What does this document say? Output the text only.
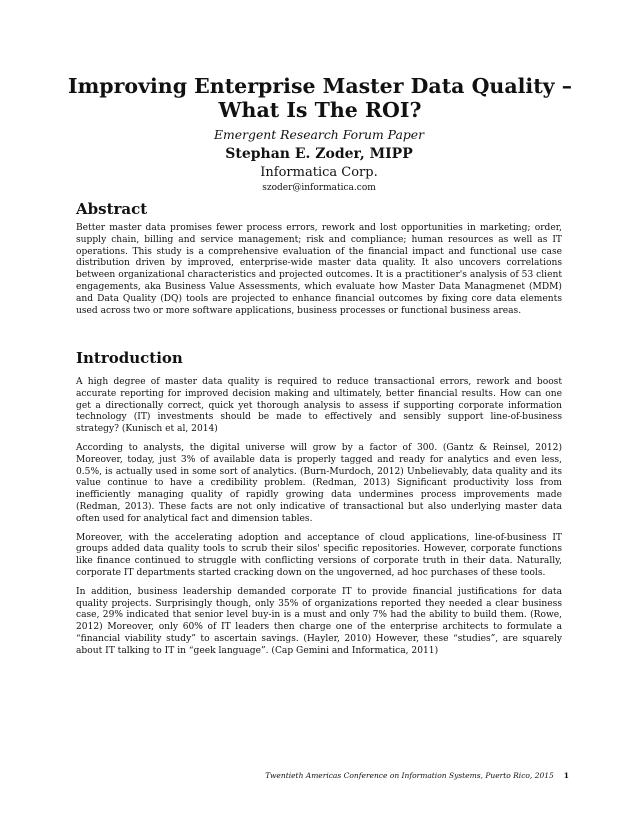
Improving Enterprise Master Data Quality –
What Is The ROI?
Emergent Research Forum Paper
Stephan E. Zoder, MIPP
Informatica Corp.
szoder@informatica.com
Abstract

Better master data promises fewer process errors, rework and lost opportunities in marketing; order, supply chain, billing and service management; risk and compliance; human resources as well as IT operations. This study is a comprehensive evaluation of the financial impact and functional use case distribution driven by improved, enterprise-wide master data quality. It also uncovers correlations between organizational characteristics and projected outcomes. It is a practitioner's analysis of 53 client engagements, aka Business Value Assessments, which evaluate how Master Data Managmenet (MDM) and Data Quality (DQ) tools are projected to enhance financial outcomes by fixing core data elements used across two or more software applications, business processes or functional business areas.

Introduction

A high degree of master data quality is required to reduce transactional errors, rework and boost accurate reporting for improved decision making and ultimately, better financial results. How can one get a directionally correct, quick yet thorough analysis to assess if supporting corporate information technology (IT) investments should be made to effectively and sensibly support line-of-business strategy? (Kunisch et al, 2014)

According to analysts, the digital universe will grow by a factor of 300. (Gantz & Reinsel, 2012) Moreover, today, just 3% of available data is properly tagged and ready for analytics and even less, 0.5%, is actually used in some sort of analytics. (Burn-Murdoch, 2012) Unbelievably, data quality and its value continue to have a credibility problem. (Redman, 2013) Significant productivity loss from inefficiently managing quality of rapidly growing data undermines process improvements made (Redman, 2013). These facts are not only indicative of transactional but also underlying master data often used for analytical fact and dimension tables.

Moreover, with the accelerating adoption and acceptance of cloud applications, line-of-business IT groups added data quality tools to scrub their silos' specific repositories. However, corporate functions like finance continued to struggle with conflicting versions of corporate truth in their data. Naturally, corporate IT departments started cracking down on the ungoverned, ad hoc purchases of these tools.

In addition, business leadership demanded corporate IT to provide financial justifications for data quality projects. Surprisingly though, only 35% of organizations reported they needed a clear business case, 29% indicated that senior level buy-in is a must and only 7% had the ability to build them. (Rowe, 2012) Moreover, only 60% of IT leaders then charge one of the enterprise architects to formulate a “financial viability study” to ascertain savings. (Hayler, 2010) However, these “studies”, are squarely about IT talking to IT in “geek language”. (Cap Gemini and Informatica, 2011)

Twentieth Americas Conference on Information Systems, Puerto Rico, 2015 1
